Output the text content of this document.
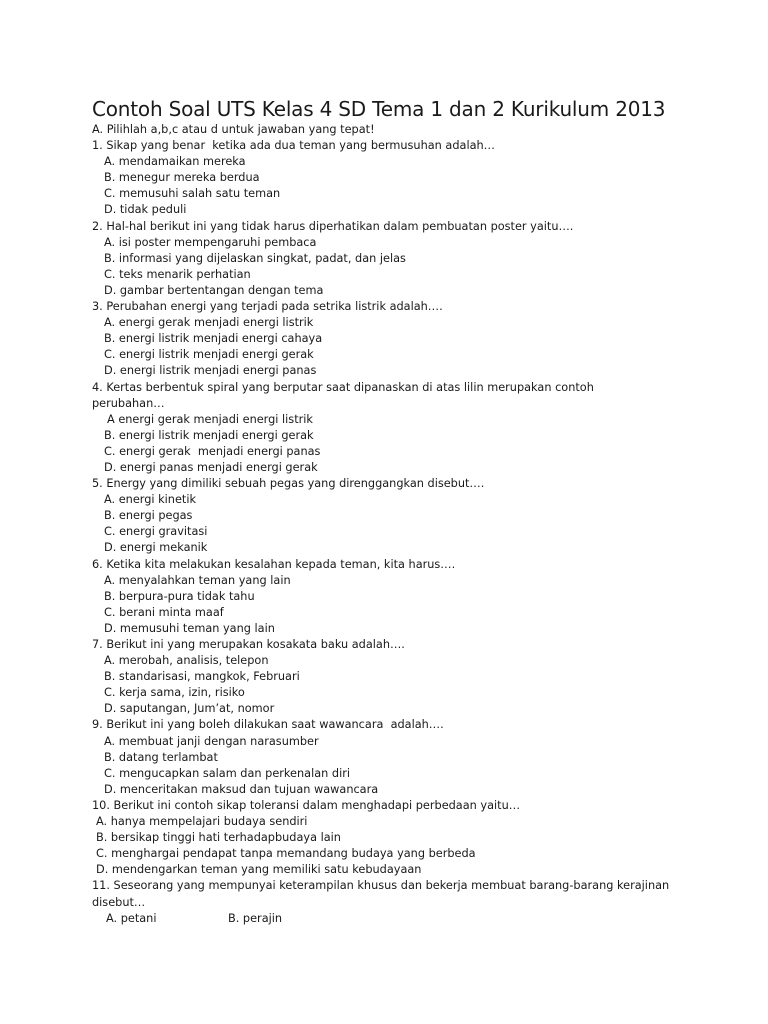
Contoh Soal UTS Kelas 4 SD Tema 1 dan 2 Kurikulum 2013
A. Pilihlah a,b,c atau d untuk jawaban yang tepat!
1. Sikap yang benar  ketika ada dua teman yang bermusuhan adalah…
A. mendamaikan mereka
B. menegur mereka berdua
C. memusuhi salah satu teman
D. tidak peduli
2. Hal-hal berikut ini yang tidak harus diperhatikan dalam pembuatan poster yaitu….
A. isi poster mempengaruhi pembaca
B. informasi yang dijelaskan singkat, padat, dan jelas
C. teks menarik perhatian
D. gambar bertentangan dengan tema
3. Perubahan energi yang terjadi pada setrika listrik adalah….
A. energi gerak menjadi energi listrik
B. energi listrik menjadi energi cahaya
C. energi listrik menjadi energi gerak
D. energi listrik menjadi energi panas
4. Kertas berbentuk spiral yang berputar saat dipanaskan di atas lilin merupakan contoh
perubahan…
A energi gerak menjadi energi listrik
B. energi listrik menjadi energi gerak
C. energi gerak  menjadi energi panas
D. energi panas menjadi energi gerak
5. Energy yang dimiliki sebuah pegas yang direnggangkan disebut….
A. energi kinetik
B. energi pegas
C. energi gravitasi
D. energi mekanik
6. Ketika kita melakukan kesalahan kepada teman, kita harus….
A. menyalahkan teman yang lain
B. berpura-pura tidak tahu
C. berani minta maaf
D. memusuhi teman yang lain
7. Berikut ini yang merupakan kosakata baku adalah….
A. merobah, analisis, telepon
B. standarisasi, mangkok, Februari
C. kerja sama, izin, risiko
D. saputangan, Jum’at, nomor
9. Berikut ini yang boleh dilakukan saat wawancara  adalah….
A. membuat janji dengan narasumber
B. datang terlambat
C. mengucapkan salam dan perkenalan diri
D. menceritakan maksud dan tujuan wawancara
10. Berikut ini contoh sikap toleransi dalam menghadapi perbedaan yaitu…
A. hanya mempelajari budaya sendiri
B. bersikap tinggi hati terhadapbudaya lain
C. menghargai pendapat tanpa memandang budaya yang berbeda
D. mendengarkan teman yang memiliki satu kebudayaan
11. Seseorang yang mempunyai keterampilan khusus dan bekerja membuat barang-barang kerajinan
disebut…
A. petani	B. perajin
